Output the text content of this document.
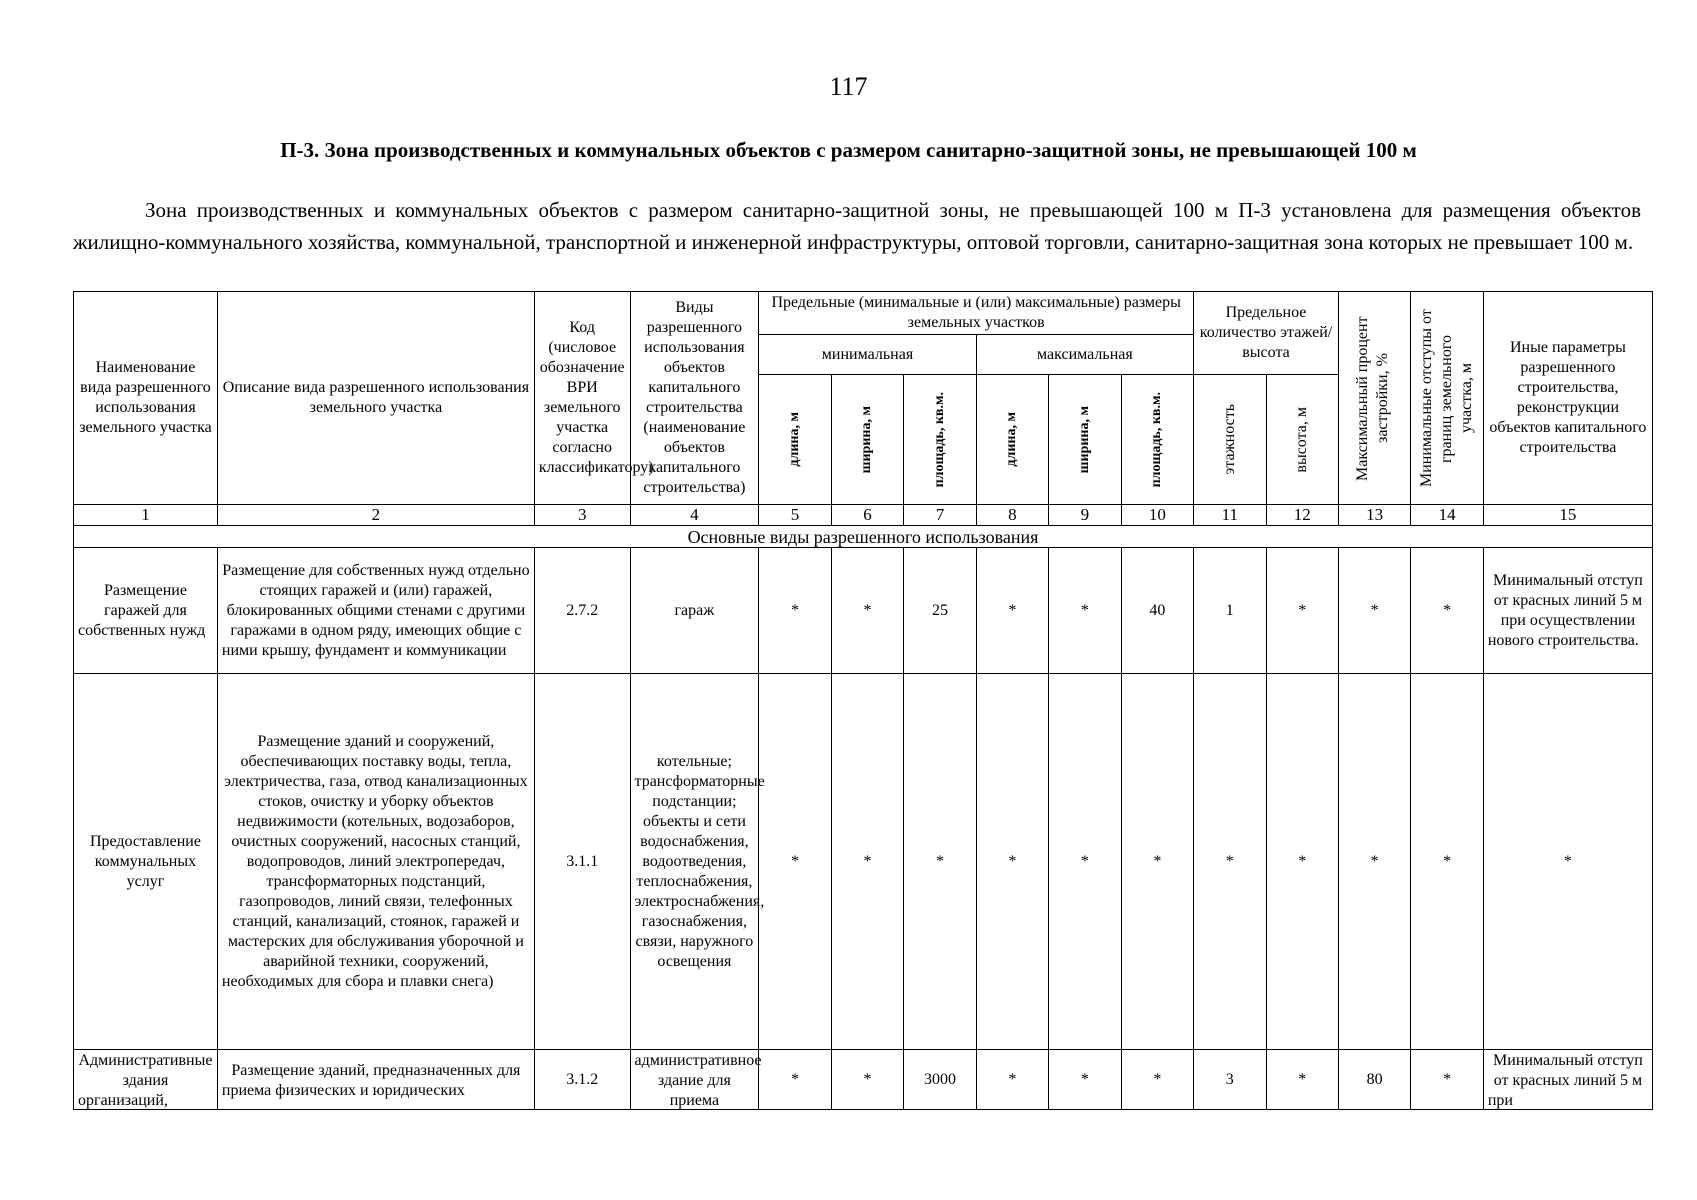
117
П-3. Зона производственных и коммунальных объектов с размером санитарно-защитной зоны, не превышающей 100 м

Зона производственных и коммунальных объектов с размером санитарно-защитной зоны, не превышающей 100 м П-3 установлена для размещения объектов жилищно-коммунального хозяйства, коммунальной, транспортной и инженерной инфраструктуры, оптовой торговли, санитарно-защитная зона которых не превышает 100 м.

Наименование вида разрешенного использования земельного участка	Описание вида разрешенного использования земельного участка	Код (числовое обозначение ВРИ земельного участка согласно классификатору)	Виды разрешенного использования объектов капитального строительства (наименование объектов капитального строительства)	Предельные (минимальные и (или) максимальные) размеры земельных участков						Предельное количество этажей/ высота		Максимальный процент застройки, %	Минимальные отступы от границ земельного участка, м	Иные параметры разрешенного строительства, реконструкции объектов капитального строительства
				минимальная			максимальная							

				длина, м	ширина, м	площадь, кв.м.	длина, м	ширина, м	площадь, кв.м.	этажность	высота, м			

1	2	3	4	5	6	7	8	9	10	11	12	13	14	15
Основные виды разрешенного использования														
Размещение гаражей для собственных нужд	Размещение для собственных нужд отдельно стоящих гаражей и (или) гаражей, блокированных общими стенами с другими гаражами в одном ряду, имеющих общие с ними крышу, фундамент и коммуникации	2.7.2	гараж	*	*	25	*	*	40	1	*	*	*	Минимальный отступ от красных линий 5 м при осуществлении нового строительства.
Предоставление коммунальных услуг	Размещение зданий и сооружений, обеспечивающих поставку воды, тепла, электричества, газа, отвод канализационных стоков, очистку и уборку объектов недвижимости (котельных, водозаборов, очистных сооружений, насосных станций, водопроводов, линий электропередач, трансформаторных подстанций, газопроводов, линий связи, телефонных станций, канализаций, стоянок, гаражей и мастерских для обслуживания уборочной и аварийной техники, сооружений, необходимых для сбора и плавки снега)	3.1.1	котельные; трансформаторные подстанции; объекты и сети водоснабжения, водоотведения, теплоснабжения, электроснабжения, газоснабжения, связи, наружного освещения	*	*	*	*	*	*	*	*	*	*	*

Административные здания организаций,	Размещение зданий, предназначенных для приема физических и юридических	3.1.2	административное здание для приема	*	*	3000	*	*	*	3	*	80	*	Минимальный отступ от красных линий 5 м при
